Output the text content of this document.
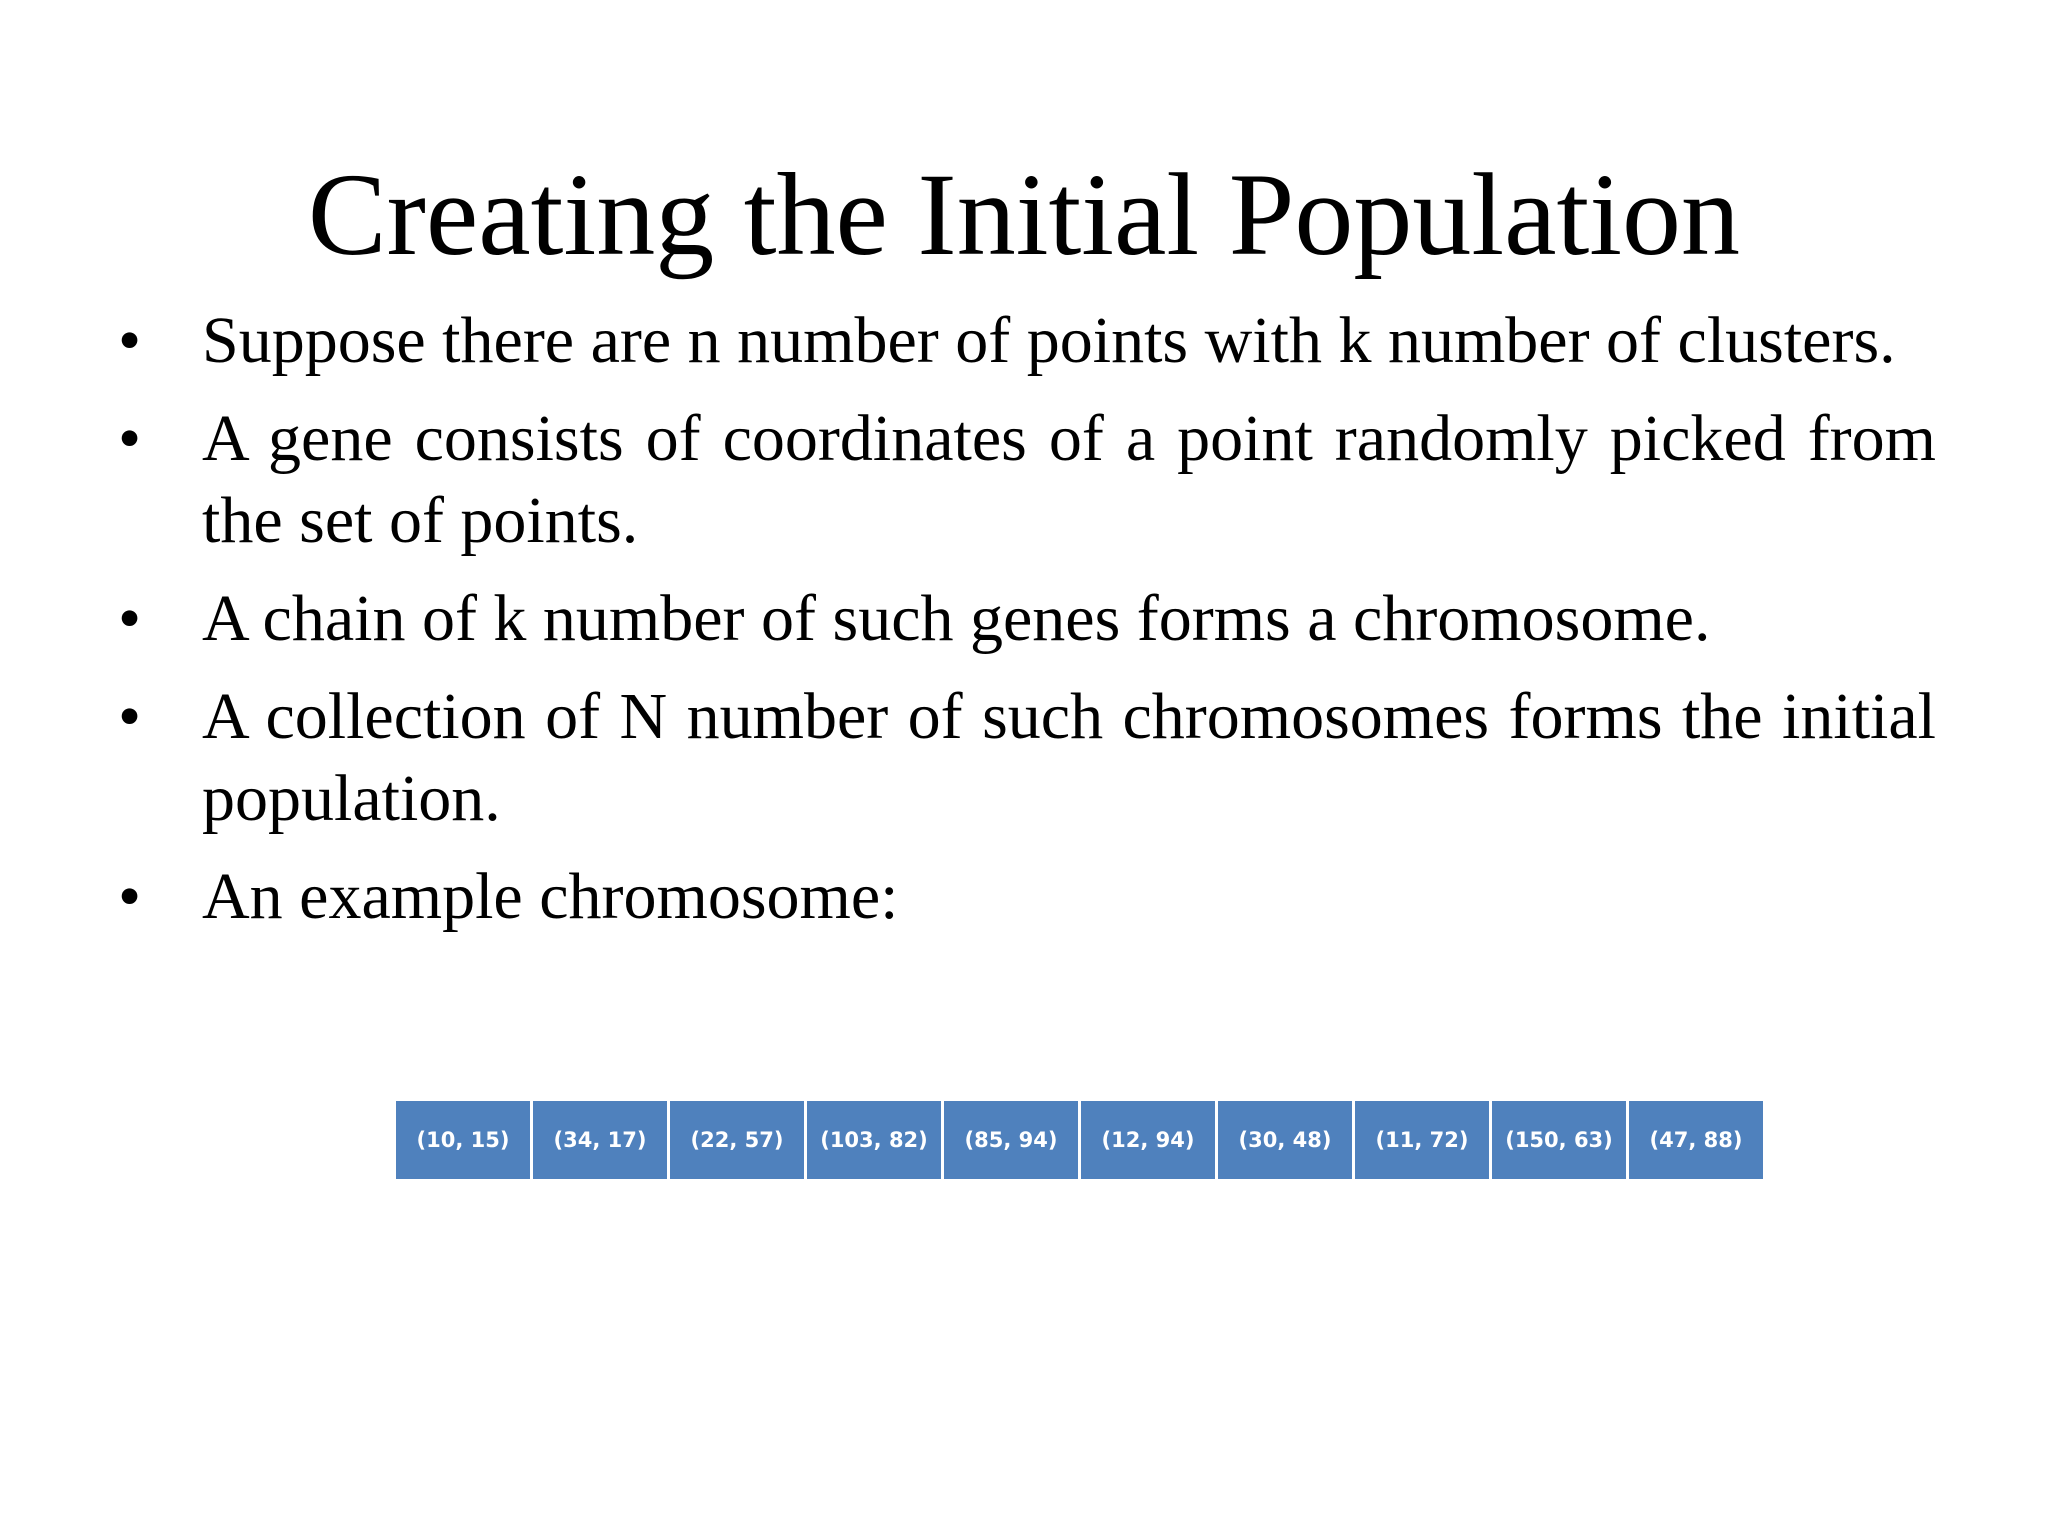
Creating the Initial Population
• Suppose there are n number of points with k number of clusters.
• A gene consists of coordinates of a point randomly picked from the set of points.
• A chain of k number of such genes forms a chromosome.
• A collection of N number of such chromosomes forms the initial population.
• An example chromosome:
(10, 15)	(34, 17)	(22, 57)	(103, 82)	(85, 94)	(12, 94)	(30, 48)	(11, 72)	(150, 63)	(47, 88)
